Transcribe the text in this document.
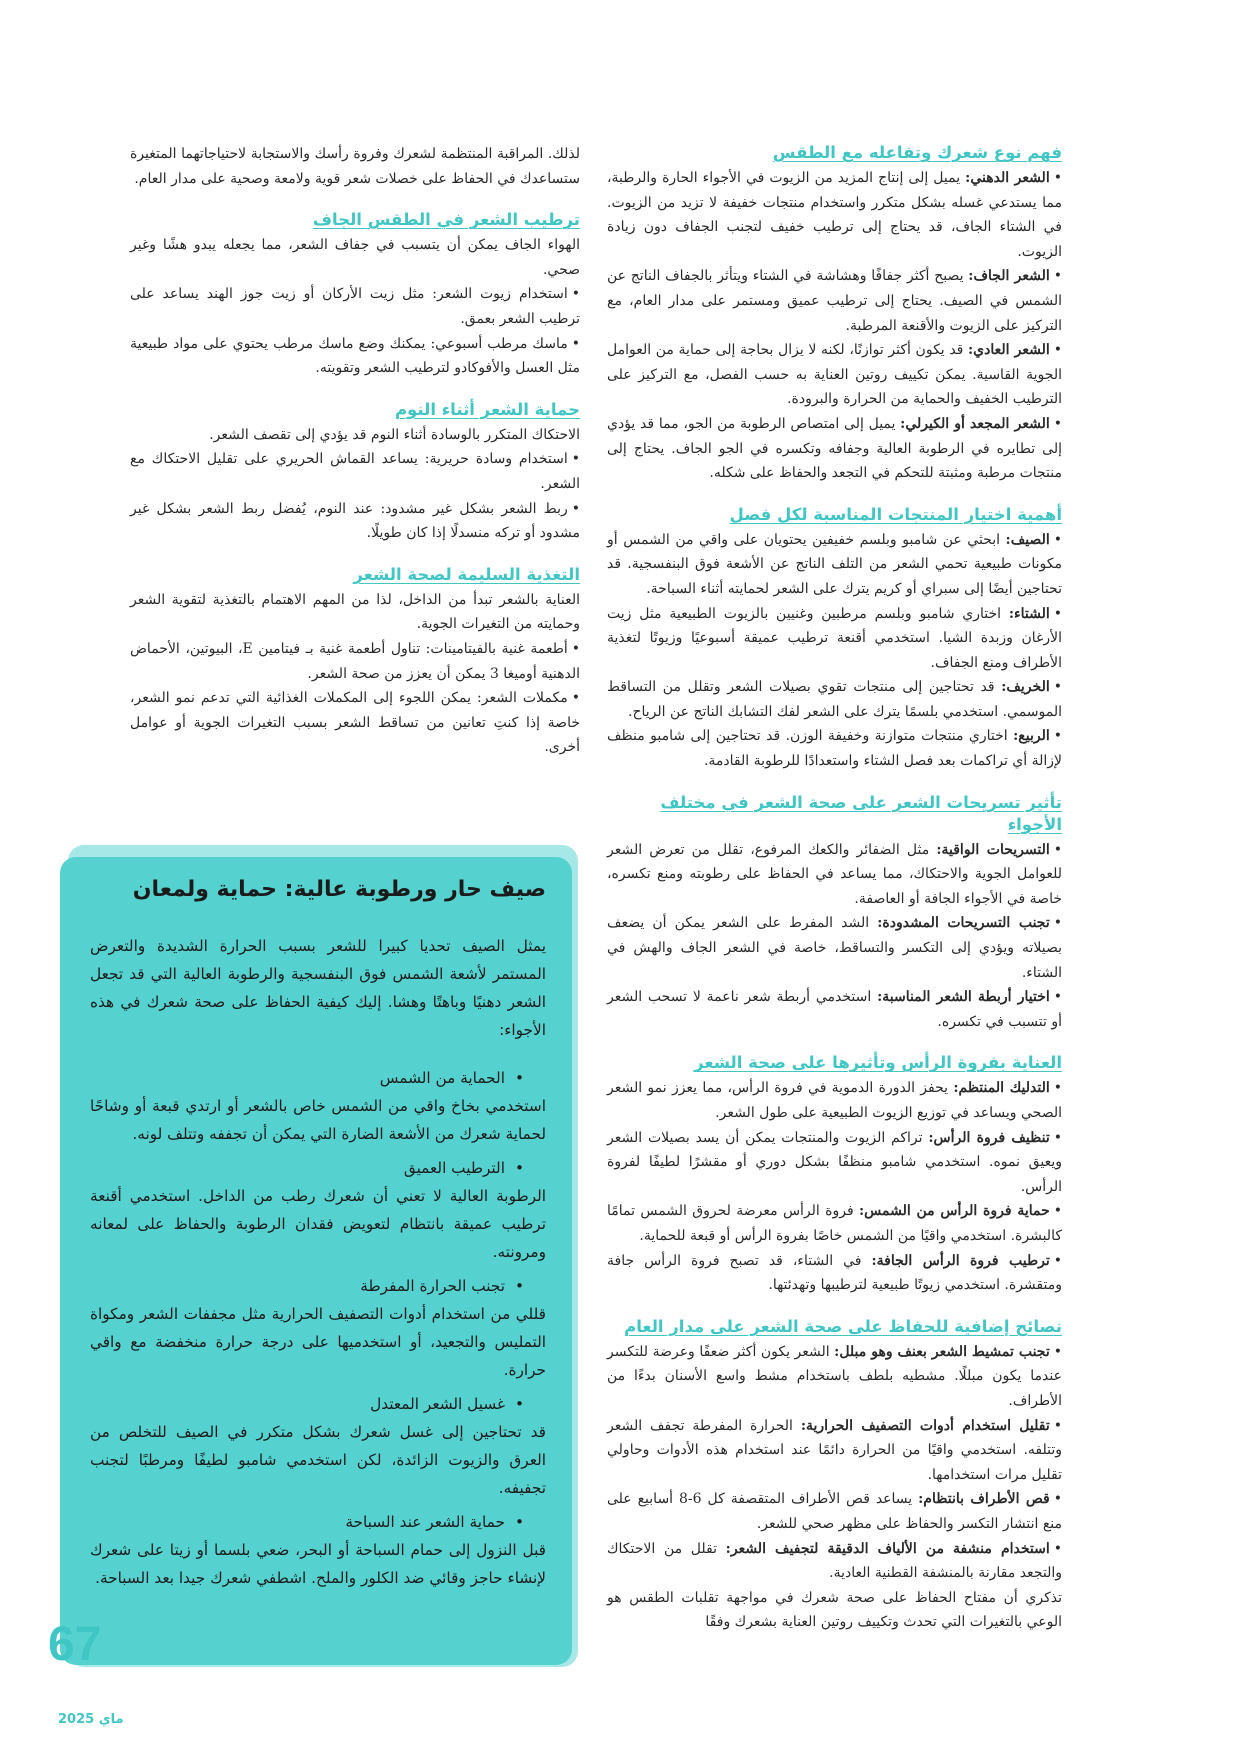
فهم نوع شعرك وتفاعله مع الطقس

•الشعر الدهني: يميل إلى إنتاج المزيد من الزيوت في الأجواء الحارة والرطبة، مما يستدعي غسله بشكل متكرر واستخدام منتجات خفيفة لا تزيد من الزيوت. في الشتاء الجاف، قد يحتاج إلى ترطيب خفيف لتجنب الجفاف دون زيادة الزيوت.

•الشعر الجاف: يصبح أكثر جفافًا وهشاشة في الشتاء ويتأثر بالجفاف الناتج عن الشمس في الصيف. يحتاج إلى ترطيب عميق ومستمر على مدار العام، مع التركيز على الزيوت والأقنعة المرطبة.

•الشعر العادي: قد يكون أكثر توازنًا، لكنه لا يزال بحاجة إلى حماية من العوامل الجوية القاسية. يمكن تكييف روتين العناية به حسب الفصل، مع التركيز على الترطيب الخفيف والحماية من الحرارة والبرودة.

•الشعر المجعد أو الكيرلي: يميل إلى امتصاص الرطوبة من الجو، مما قد يؤدي إلى تطايره في الرطوبة العالية وجفافه وتكسره في الجو الجاف. يحتاج إلى منتجات مرطبة ومثبتة للتحكم في التجعد والحفاظ على شكله.

أهمية اختيار المنتجات المناسبة لكل فصل

•الصيف: ابحثي عن شامبو وبلسم خفيفين يحتويان على واقي من الشمس أو مكونات طبيعية تحمي الشعر من التلف الناتج عن الأشعة فوق البنفسجية. قد تحتاجين أيضًا إلى سبراي أو كريم يترك على الشعر لحمايته أثناء السباحة.

•الشتاء: اختاري شامبو وبلسم مرطبين وغنيين بالزيوت الطبيعية مثل زيت الأرغان وزبدة الشيا. استخدمي أقنعة ترطيب عميقة أسبوعيًا وزيوتًا لتغذية الأطراف ومنع الجفاف.

•الخريف: قد تحتاجين إلى منتجات تقوي بصيلات الشعر وتقلل من التساقط الموسمي. استخدمي بلسمًا يترك على الشعر لفك التشابك الناتج عن الرياح.

•الربيع: اختاري منتجات متوازنة وخفيفة الوزن. قد تحتاجين إلى شامبو منظف لإزالة أي تراكمات بعد فصل الشتاء واستعدادًا للرطوبة القادمة.

تأثير تسريحات الشعر على صحة الشعر في مختلف الأجواء

•التسريحات الواقية: مثل الضفائر والكعك المرفوع، تقلل من تعرض الشعر للعوامل الجوية والاحتكاك، مما يساعد في الحفاظ على رطوبته ومنع تكسره، خاصة في الأجواء الجافة أو العاصفة.

•تجنب التسريحات المشدودة: الشد المفرط على الشعر يمكن أن يضعف بصيلاته ويؤدي إلى التكسر والتساقط، خاصة في الشعر الجاف والهش في الشتاء.

•اختيار أربطة الشعر المناسبة: استخدمي أربطة شعر ناعمة لا تسحب الشعر أو تتسبب في تكسره.

العناية بفروة الرأس وتأثيرها على صحة الشعر

•التدليك المنتظم: يحفز الدورة الدموية في فروة الرأس، مما يعزز نمو الشعر الصحي ويساعد في توزيع الزيوت الطبيعية على طول الشعر.

•تنظيف فروة الرأس: تراكم الزيوت والمنتجات يمكن أن يسد بصيلات الشعر ويعيق نموه. استخدمي شامبو منظفًا بشكل دوري أو مقشرًا لطيفًا لفروة الرأس.

•حماية فروة الرأس من الشمس: فروة الرأس معرضة لحروق الشمس تمامًا كالبشرة. استخدمي واقيًا من الشمس خاصًا بفروة الرأس أو قبعة للحماية.

•ترطيب فروة الرأس الجافة: في الشتاء، قد تصبح فروة الرأس جافة ومتقشرة. استخدمي زيوتًا طبيعية لترطيبها وتهدئتها.

نصائح إضافية للحفاظ على صحة الشعر على مدار العام

•تجنب تمشيط الشعر بعنف وهو مبلل: الشعر يكون أكثر ضعفًا وعرضة للتكسر عندما يكون مبللًا. مشطيه بلطف باستخدام مشط واسع الأسنان بدءًا من الأطراف.

•تقليل استخدام أدوات التصفيف الحرارية: الحرارة المفرطة تجفف الشعر وتتلفه. استخدمي واقيًا من الحرارة دائمًا عند استخدام هذه الأدوات وحاولي تقليل مرات استخدامها.

•قص الأطراف بانتظام: يساعد قص الأطراف المتقصفة كل 6-8 أسابيع على منع انتشار التكسر والحفاظ على مظهر صحي للشعر.

•استخدام منشفة من الألياف الدقيقة لتجفيف الشعر: تقلل من الاحتكاك والتجعد مقارنة بالمنشفة القطنية العادية.

تذكري أن مفتاح الحفاظ على صحة شعرك في مواجهة تقلبات الطقس هو الوعي بالتغيرات التي تحدث وتكييف روتين العناية بشعرك وفقًا

لذلك. المراقبة المنتظمة لشعرك وفروة رأسك والاستجابة لاحتياجاتهما المتغيرة ستساعدك في الحفاظ على خصلات شعر قوية ولامعة وصحية على مدار العام.

ترطيب الشعر في الطقس الجاف

الهواء الجاف يمكن أن يتسبب في جفاف الشعر، مما يجعله يبدو هشًا وغير صحي.

•استخدام زيوت الشعر: مثل زيت الأركان أو زيت جوز الهند يساعد على ترطيب الشعر بعمق.

•ماسك مرطب أسبوعي: يمكنك وضع ماسك مرطب يحتوي على مواد طبيعية مثل العسل والأفوكادو لترطيب الشعر وتقويته.

حماية الشعر أثناء النوم

الاحتكاك المتكرر بالوسادة أثناء النوم قد يؤدي إلى تقصف الشعر.

•استخدام وسادة حريرية: يساعد القماش الحريري على تقليل الاحتكاك مع الشعر.

•ربط الشعر بشكل غير مشدود: عند النوم، يُفضل ربط الشعر بشكل غير مشدود أو تركه منسدلًا إذا كان طويلًا.

التغذية السليمة لصحة الشعر

العناية بالشعر تبدأ من الداخل، لذا من المهم الاهتمام بالتغذية لتقوية الشعر وحمايته من التغيرات الجوية.

•أطعمة غنية بالفيتامينات: تناول أطعمة غنية بـ فيتامين E، البيوتين، الأحماض الدهنية أوميغا 3 يمكن أن يعزز من صحة الشعر.

•مكملات الشعر: يمكن اللجوء إلى المكملات الغذائية التي تدعم نمو الشعر، خاصة إذا كنتِ تعانين من تساقط الشعر بسبب التغيرات الجوية أو عوامل أخرى.

صيف حار ورطوبة عالية: حماية ولمعان

يمثل الصيف تحديا كبيرا للشعر بسبب الحرارة الشديدة والتعرض المستمر لأشعة الشمس فوق البنفسجية والرطوبة العالية التي قد تجعل الشعر دهنيًا وباهتًا وهشا. إليك كيفية الحفاظ على صحة شعرك في هذه الأجواء:

• الحماية من الشمس

استخدمي بخاخ واقي من الشمس خاص بالشعر أو ارتدي قبعة أو وشاحًا لحماية شعرك من الأشعة الضارة التي يمكن أن تجففه وتتلف لونه.

• الترطيب العميق

الرطوبة العالية لا تعني أن شعرك رطب من الداخل. استخدمي أقنعة ترطيب عميقة بانتظام لتعويض فقدان الرطوبة والحفاظ على لمعانه ومرونته.

• تجنب الحرارة المفرطة

قللي من استخدام أدوات التصفيف الحرارية مثل مجففات الشعر ومكواة التمليس والتجعيد، أو استخدميها على درجة حرارة منخفضة مع واقي حرارة.

• غسيل الشعر المعتدل

قد تحتاجين إلى غسل شعرك بشكل متكرر في الصيف للتخلص من العرق والزيوت الزائدة، لكن استخدمي شامبو لطيفًا ومرطبًا لتجنب تجفيفه.

• حماية الشعر عند السباحة

قبل النزول إلى حمام السباحة أو البحر، ضعي بلسما أو زيتا على شعرك لإنشاء حاجز وقائي ضد الكلور والملح. اشطفي شعرك جيدا بعد السباحة.

67
ماي 2025
